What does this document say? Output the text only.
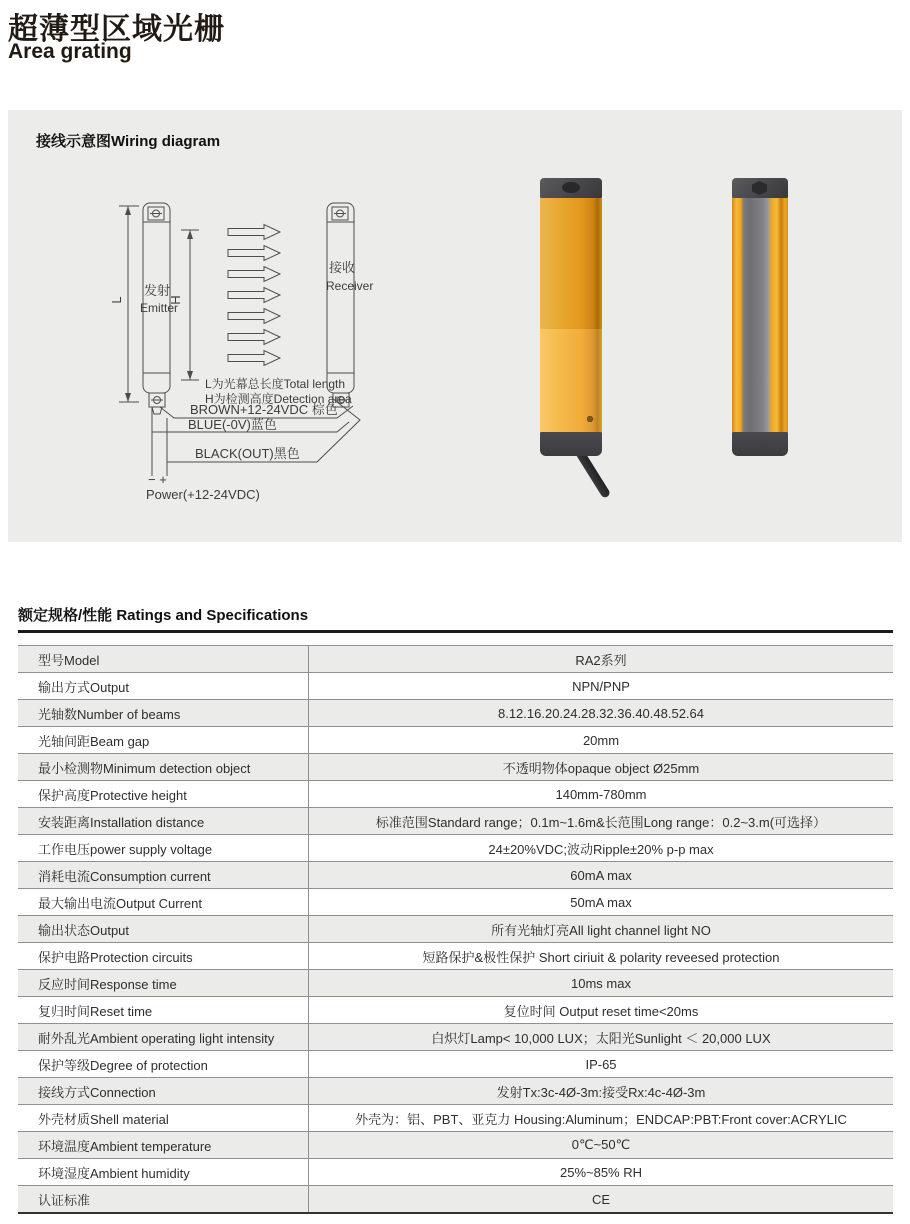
超薄型区域光栅
Area grating
接线示意图Wiring diagram
L
发射
Emitter
H
接收
Receiver
L为光幕总长度Total length
H为检测高度Detection area
BROWN+12-24VDC 棕色
BLUE(-0V)蓝色
BLACK(OUT)黑色
− +
Power(+12-24VDC)
额定规格/性能 Ratings and Specifications
型号Model	RA2系列
输出方式Output	NPN/PNP
光轴数Number of beams	8.12.16.20.24.28.32.36.40.48.52.64
光轴间距Beam gap	20mm
最小检测物Minimum detection object	不透明物体opaque object Ø25mm
保护高度Protective height	140mm-780mm
安装距离Installation distance	标准范围Standard range；0.1m~1.6m&长范围Long range：0.2~3.m(可选择）
工作电压power supply voltage	24±20%VDC;波动Ripple±20% p-p max
消耗电流Consumption current	60mA max
最大输出电流Output Current	50mA max
输出状态Output	所有光轴灯亮All light channel light NO
保护电路Protection circuits	短路保护&极性保护 Short ciriuit & polarity reveesed protection
反应时间Response time	10ms max
复归时间Reset time	复位时间 Output reset time<20ms
耐外乱光Ambient operating light intensity	白炽灯Lamp< 10,000 LUX；太阳光Sunlight ＜ 20,000 LUX
保护等级Degree of protection	IP-65
接线方式Connection	发射Tx:3c-4Ø-3m:接受Rx:4c-4Ø-3m
外壳材质Shell material	外壳为：铝、PBT、亚克力 Housing:Aluminum；ENDCAP:PBT:Front cover:ACRYLIC
环境温度Ambient temperature	0℃~50℃
环境湿度Ambient humidity	25%~85% RH
认证标准	CE
